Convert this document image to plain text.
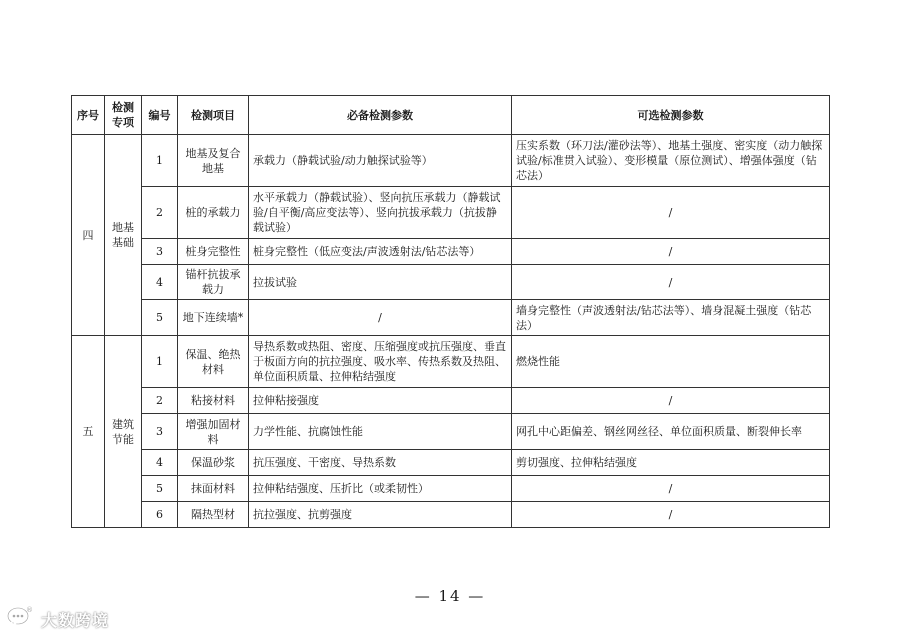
序号	检测专项	编号	检测项目	必备检测参数	可选检测参数
四	地基基础	1	地基及复合地基	承载力（静载试验/动力触探试验等）	压实系数（环刀法/灌砂法等）、地基土强度、密实度（动力触探试验/标准贯入试验）、变形模量（原位测试）、增强体强度（钻芯法）
		2	桩的承载力	水平承载力（静载试验）、竖向抗压承载力（静载试验/自平衡/高应变法等）、竖向抗拔承载力（抗拔静载试验）	/
		3	桩身完整性	桩身完整性（低应变法/声波透射法/钻芯法等）	/
		4	锚杆抗拔承载力	拉拔试验	/
		5	地下连续墙*	/	墙身完整性（声波透射法/钻芯法等）、墙身混凝土强度（钻芯法）
五	建筑节能	1	保温、绝热材料	导热系数或热阻、密度、压缩强度或抗压强度、垂直于板面方向的抗拉强度、吸水率、传热系数及热阻、单位面积质量、拉伸粘结强度	燃烧性能
		2	粘接材料	拉伸粘接强度	/
		3	增强加固材料	力学性能、抗腐蚀性能	网孔中心距偏差、钢丝网丝径、单位面积质量、断裂伸长率
		4	保温砂浆	抗压强度、干密度、导热系数	剪切强度、拉伸粘结强度
		5	抹面材料	拉伸粘结强度、压折比（或柔韧性）	/
		6	隔热型材	抗拉强度、抗剪强度	/
— 14 —
®
大数跨境
